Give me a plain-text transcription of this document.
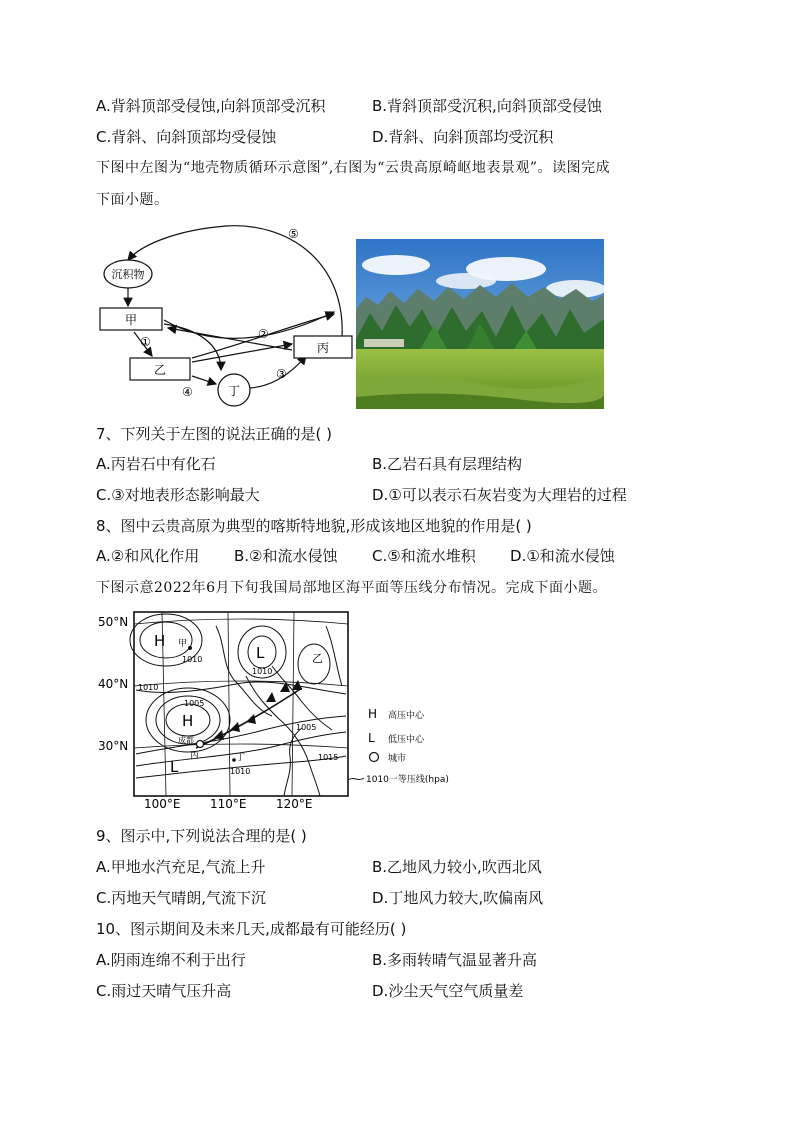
A.背斜顶部受侵蚀,向斜顶部受沉积	B.背斜顶部受沉积,向斜顶部受侵蚀
C.背斜、向斜顶部均受侵蚀	D.背斜、向斜顶部均受沉积
下图中左图为“地壳物质循环示意图”,右图为“云贵高原崎岖地表景观”。读图完成
下面小题。
沉积物
甲
乙
丙
丁
①
②
③
④
⑤
7、下列关于左图的说法正确的是( )
A.丙岩石中有化石	B.乙岩石具有层理结构
C.③对地表形态影响最大	D.①可以表示石灰岩变为大理岩的过程
8、图中云贵高原为典型的喀斯特地貌,形成该地区地貌的作用是( )
A.②和风化作用 B.②和流水侵蚀 C.⑤和流水堆积 D.①和流水侵蚀
下图示意2022年6月下旬我国局部地区海平面等压线分布情况。完成下面小题。
50°N
40°N
30°N
100°E 110°E 120°E
H
H
L
L
甲
乙
成都
丙	丁
1010
1010
1010
1005
1010
1005
1015
H 高压中心
L 低压中心
城市
1010一等压线(hpa)
9、图示中,下列说法合理的是( )
A.甲地水汽充足,气流上升	B.乙地风力较小,吹西北风
C.丙地天气晴朗,气流下沉	D.丁地风力较大,吹偏南风
10、图示期间及未来几天,成都最有可能经历( )
A.阴雨连绵不利于出行	B.多雨转晴气温显著升高
C.雨过天晴气压升高	D.沙尘天气空气质量差
